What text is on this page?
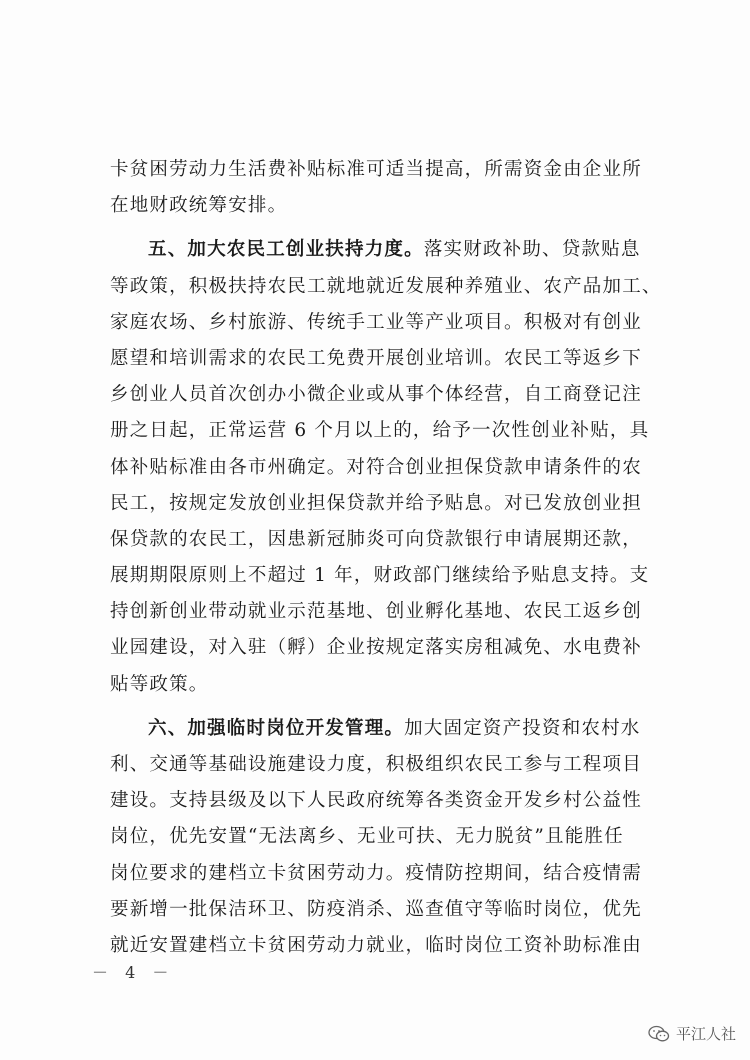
卡贫困劳动力生活费补贴标准可适当提高，所需资金由企业所
在地财政统筹安排。
五、加大农民工创业扶持力度。落实财政补助、贷款贴息
等政策，积极扶持农民工就地就近发展种养殖业、农产品加工、
家庭农场、乡村旅游、传统手工业等产业项目。积极对有创业
愿望和培训需求的农民工免费开展创业培训。农民工等返乡下
乡创业人员首次创办小微企业或从事个体经营，自工商登记注
册之日起，正常运营 6 个月以上的，给予一次性创业补贴，具
体补贴标准由各市州确定。对符合创业担保贷款申请条件的农
民工，按规定发放创业担保贷款并给予贴息。对已发放创业担
保贷款的农民工，因患新冠肺炎可向贷款银行申请展期还款，
展期期限原则上不超过 1 年，财政部门继续给予贴息支持。支
持创新创业带动就业示范基地、创业孵化基地、农民工返乡创
业园建设，对入驻（孵）企业按规定落实房租减免、水电费补
贴等政策。
六、加强临时岗位开发管理。加大固定资产投资和农村水
利、交通等基础设施建设力度，积极组织农民工参与工程项目
建设。支持县级及以下人民政府统筹各类资金开发乡村公益性
岗位，优先安置“无法离乡、无业可扶、无力脱贫”且能胜任
岗位要求的建档立卡贫困劳动力。疫情防控期间，结合疫情需
要新增一批保洁环卫、防疫消杀、巡查值守等临时岗位，优先
就近安置建档立卡贫困劳动力就业，临时岗位工资补助标准由
－ 4 －
平江人社
